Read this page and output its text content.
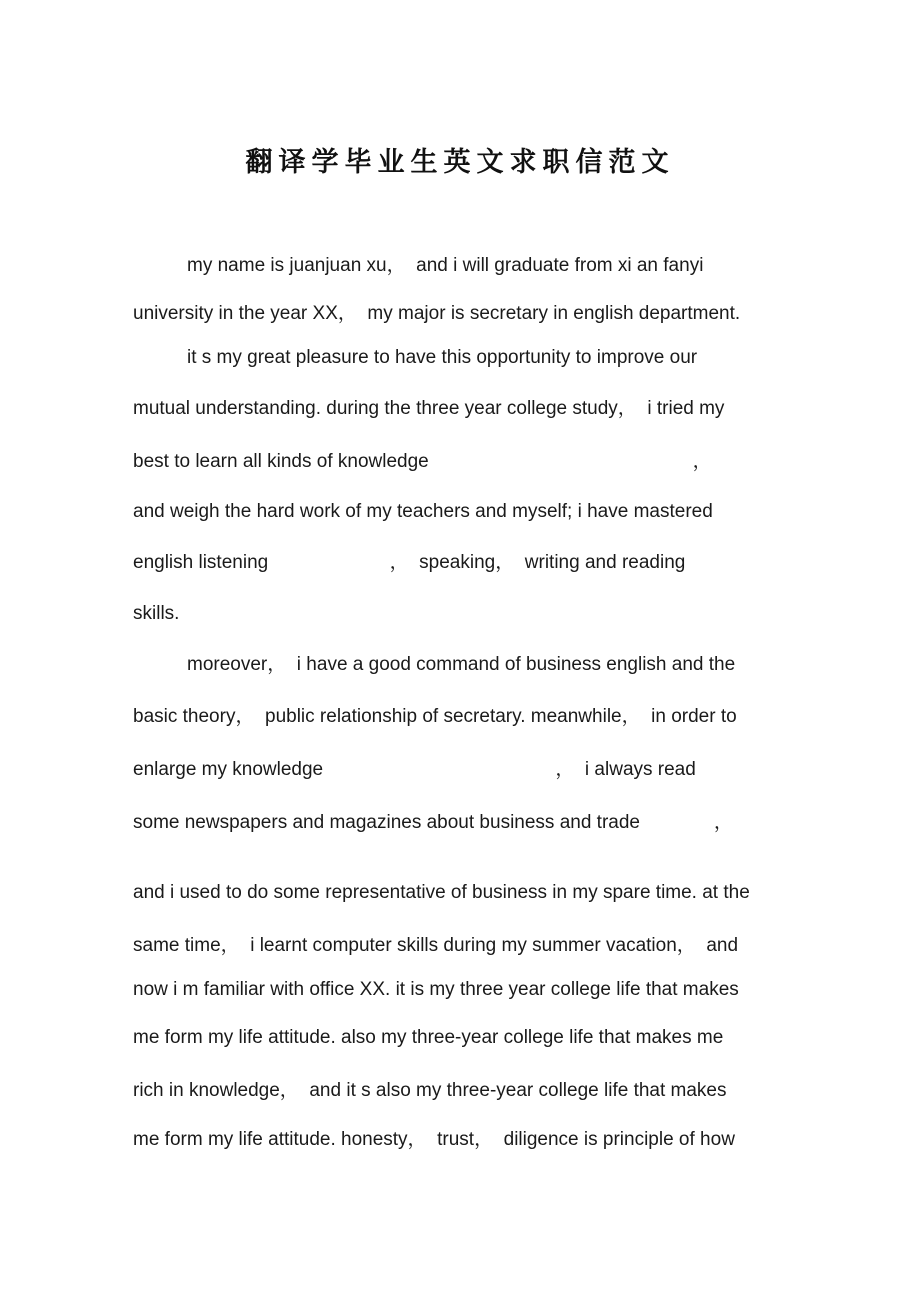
翻译学毕业生英文求职信范文
my name is juanjuan xu，  and i will graduate from xi an fanyi
university in the year XX，  my major is secretary in english department.
it s my great pleasure to have this opportunity to improve our
mutual understanding. during the three year college study，  i tried my
best to learn all kinds of knowledge                                                  ，
and weigh the hard work of my teachers and myself; i have mastered
english listening                       ，  speaking，  writing and reading
skills.
moreover，  i have a good command of business english and the
basic theory，  public relationship of secretary. meanwhile，  in order to
enlarge my knowledge                                            ，  i always read
some newspapers and magazines about business and trade              ，
and i used to do some representative of business in my spare time. at the
same time，  i learnt computer skills during my summer vacation，  and
now i m familiar with office XX. it is my three year college life that makes
me form my life attitude. also my three-year college life that makes me
rich in knowledge，  and it s also my three-year college life that makes
me form my life attitude. honesty，  trust，  diligence is principle of how
